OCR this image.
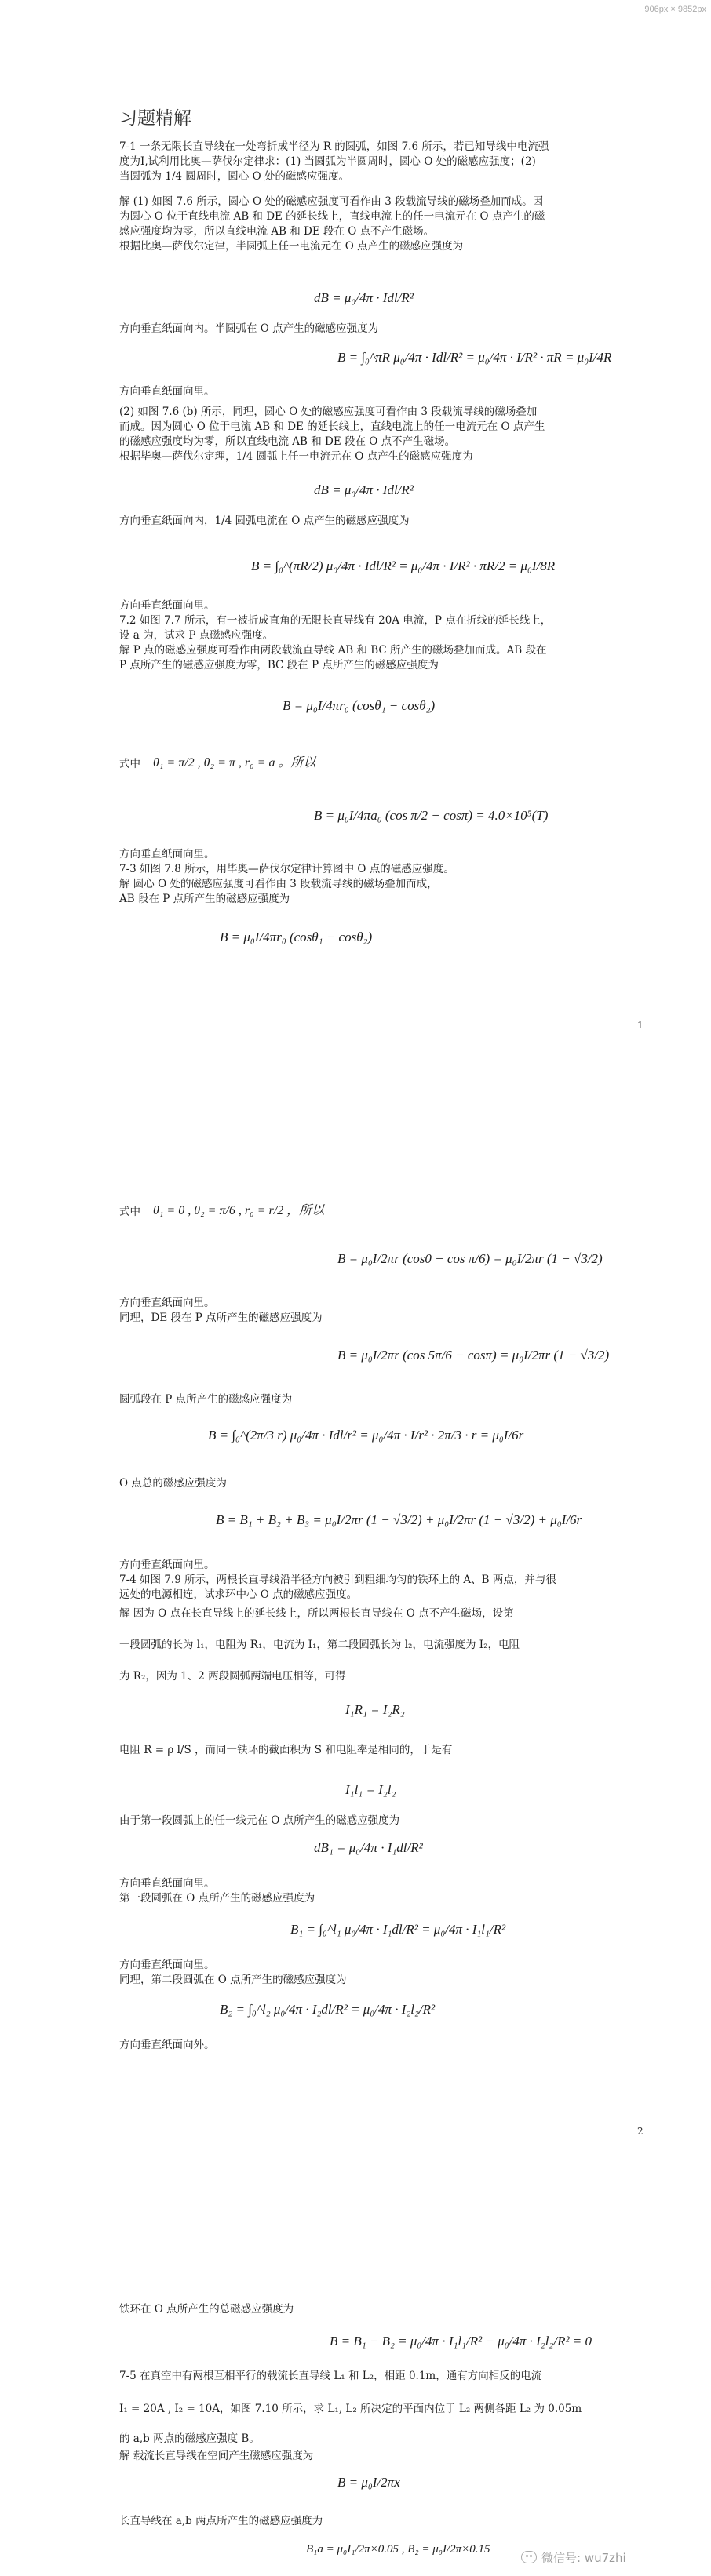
906px × 9852px
习题精解
7-1 一条无限长直导线在一处弯折成半径为 R 的圆弧，如图 7.6 所示，若已知导线中电流强
度为I,试利用比奥—萨伐尔定律求：(1) 当圆弧为半圆周时，圆心 O 处的磁感应强度；(2)
当圆弧为 1/4 圆周时，圆心 O 处的磁感应强度。
解 (1) 如图 7.6 所示，圆心 O 处的磁感应强度可看作由 3 段载流导线的磁场叠加而成。因
为圆心 O 位于直线电流 AB 和 DE 的延长线上，直线电流上的任一电流元在 O 点产生的磁
感应强度均为零，所以直线电流 AB 和 DE 段在 O 点不产生磁场。
根据比奥—萨伐尔定律，半圆弧上任一电流元在 O 点产生的磁感应强度为
dB = μ₀/4π · Idl/R²
方向垂直纸面向内。半圆弧在 O 点产生的磁感应强度为
B = ∫₀^πR μ₀/4π · Idl/R² = μ₀/4π · I/R² · πR = μ₀I/4R
方向垂直纸面向里。
(2) 如图 7.6 (b) 所示，同理，圆心 O 处的磁感应强度可看作由 3 段载流导线的磁场叠加
而成。因为圆心 O 位于电流 AB 和 DE 的延长线上，直线电流上的任一电流元在 O 点产生
的磁感应强度均为零，所以直线电流 AB 和 DE 段在 O 点不产生磁场。
根据毕奥—萨伐尔定理，1/4 圆弧上任一电流元在 O 点产生的磁感应强度为
dB = μ₀/4π · Idl/R²
方向垂直纸面向内，1/4 圆弧电流在 O 点产生的磁感应强度为
B = ∫₀^(πR/2) μ₀/4π · Idl/R² = μ₀/4π · I/R² · πR/2 = μ₀I/8R
方向垂直纸面向里。
7.2 如图 7.7 所示，有一被折成直角的无限长直导线有 20A 电流，P 点在折线的延长线上，
设 a 为，试求 P 点磁感应强度。
解 P 点的磁感应强度可看作由两段载流直导线 AB 和 BC 所产生的磁场叠加而成。AB 段在
P 点所产生的磁感应强度为零，BC 段在 P 点所产生的磁感应强度为
B = μ₀I/4πr₀ (cosθ₁ − cosθ₂)
式中	θ₁ = π/2 , θ₂ = π , r₀ = a 。所以
B = μ₀I/4πa₀ (cos π/2 − cosπ) = 4.0×10⁵(T)
方向垂直纸面向里。
7-3 如图 7.8 所示，用毕奥—萨伐尔定律计算图中 O 点的磁感应强度。
解 圆心 O 处的磁感应强度可看作由 3 段载流导线的磁场叠加而成，
AB 段在 P 点所产生的磁感应强度为
B = μ₀I/4πr₀ (cosθ₁ − cosθ₂)
1
式中	θ₁ = 0 , θ₂ = π/6 , r₀ = r/2 ，所以
B = μ₀I/2πr (cos0 − cos π/6) = μ₀I/2πr (1 − √3/2)
方向垂直纸面向里。
同理，DE 段在 P 点所产生的磁感应强度为
B = μ₀I/2πr (cos 5π/6 − cosπ) = μ₀I/2πr (1 − √3/2)
圆弧段在 P 点所产生的磁感应强度为
B = ∫₀^(2π/3 r) μ₀/4π · Idl/r² = μ₀/4π · I/r² · 2π/3 · r = μ₀I/6r
O 点总的磁感应强度为
B = B₁ + B₂ + B₃ = μ₀I/2πr (1 − √3/2) + μ₀I/2πr (1 − √3/2) + μ₀I/6r
方向垂直纸面向里。
7-4 如图 7.9 所示，两根长直导线沿半径方向被引到粗细均匀的铁环上的 A、B 两点，并与很
远处的电源相连，试求环中心 O 点的磁感应强度。
解 因为 O 点在长直导线上的延长线上，所以两根长直导线在 O 点不产生磁场，设第
一段圆弧的长为 l₁，电阻为 R₁，电流为 I₁，第二段圆弧长为 l₂，电流强度为 I₂，电阻
为 R₂，因为 1、2 两段圆弧两端电压相等，可得
I₁R₁ = I₂R₂
电阻 R = ρ l/S ，而同一铁环的截面积为 S 和电阻率是相同的，于是有
I₁l₁ = I₂l₂
由于第一段圆弧上的任一线元在 O 点所产生的磁感应强度为
dB₁ = μ₀/4π · I₁dl/R²
方向垂直纸面向里。
第一段圆弧在 O 点所产生的磁感应强度为
B₁ = ∫₀^l₁ μ₀/4π · I₁dl/R² = μ₀/4π · I₁l₁/R²
方向垂直纸面向里。
同理，第二段圆弧在 O 点所产生的磁感应强度为
B₂ = ∫₀^l₂ μ₀/4π · I₂dl/R² = μ₀/4π · I₂l₂/R²
方向垂直纸面向外。
2
铁环在 O 点所产生的总磁感应强度为
B = B₁ − B₂ = μ₀/4π · I₁l₁/R² − μ₀/4π · I₂l₂/R² = 0
7-5 在真空中有两根互相平行的载流长直导线 L₁ 和 L₂，相距 0.1m，通有方向相反的电流
I₁ = 20A , I₂ = 10A，如图 7.10 所示，求 L₁, L₂ 所决定的平面内位于 L₂ 两侧各距 L₂ 为 0.05m
的 a,b 两点的磁感应强度 B。
解 载流长直导线在空间产生磁感应强度为
B = μ₀I/2πx
长直导线在 a,b 两点所产生的磁感应强度为
B₁a = μ₀I₁/2π×0.05 , B₂ = μ₀I/2π×0.15
微信号: wu7zhi
